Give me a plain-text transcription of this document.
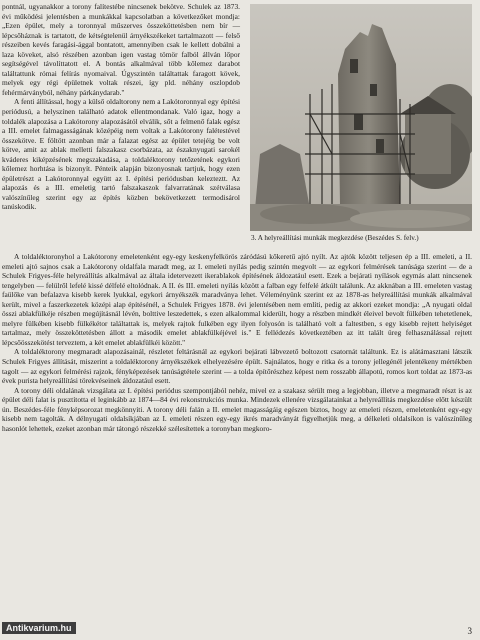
pontnál, ugyanakkor a torony falítestébe nincsenek bekötve. Schulek az 1873. évi működési jelentésben a munkákkal kapcsolatban a következőket mondja: „Ezen épület, mely a toronnyal műszerves összeköttetésben nem bír — lépcsőháznak is tartatott, de kétségtelenül árnyékszékeket tartalmazott — felső részeiben kevés faragási-ággal bontatott, amennyiben csak le kellett dobálni a laza köveket, alsó részében azonban igen vastag tömör falból állván lőpor segítségével távolíttatott el. A bontás alkalmával több kőlemez darabot találtattunk római felírás nyomaival. Úgyszintén találtattak faragott kövek, melyek egy régi épületnek voltak részei, így pld. néhány oszlopdob fehérmárványból, néhány párkánydarab."

A fenti állítással, hogy a külső oldaltorony nem a Lakótoronnyal egy építési periódusú, a helyszínen található adatok ellentmondanak. Való igaz, hogy a toldalék alapozása a Lakótorony alapozásától elválik, sőt a felmenő falak egész a III. emelet falmagasságának középéig nem voltak a Lakótorony falétestével összekötve. E föltött azonban már a falazat egész az épület tetejéig be volt kötve, amit az ablak melletti falszakasz csorbázata, az északnyugati sarokél kváderes kiképzésének megszakadása, a toldaléktorony tetőzetének egykori kőlemez horhtása is bizonyít. Pénteik alapján bizonyosnak tartjuk, hogy ezen épületrészt a Lakótoronnyal együtt az I. építési periódusban kelezteztt. Az alapozás és a III. emeletig tartó falszakaszok falvarratának szétválasa valószínűleg szerint egy az építés közben bekövetkezett termodisárol tanúskodik.

3. A helyreállítási munkák megkezdése (Beszédes S. felv.)

A toldaléktoronyhol a Lakótorony emeletenként egy-egy keskenyfelkörös záródású kőkeretű ajtó nyílt. Az ajtók között teljesen ép a III. emeleti, a II. emeleti ajtó sajnos csak a Lakótorony oldalfala maradt meg, az I. emeleti nyílás pedig szintén megvolt — az egykori felmérések tanúsága szerint — de a Schulek Frigyes-féle helyreállítás alkalmával az általa idetervezett ikerablakok építésének áldozatául esett. Ezek a bejárati nyílások egymás alatt nincsenek tengelyben — felülről lefelé kissé délfelé eltolódnak. A II. és III. emeleti nyílás között a falban egy felfelé átkúlt találunk. Az akknában a III. emeleten vastag faülőke van befalazva kisebb kerek lyukkal, egykori árnyékszék maradványa lehet. Véleményünk szerint ez az 1878-as helyreállítási munkák alkalmával került, mivel a faszerkezetek középi alap építésénél, a Schulek Frigyes 1878. évi jelentésében nem említi, pedig az akkori ezeket mondja: „A nyugati oldal összi ablakfülkéje részben megújításnál lévén, bolttive leszedettek, s ezen alkalommal kiderült, hogy a részben mindkét éleivel bevolt fülkében tehetetlenek, melyre fülkében kisebb fülkékétor találtattak is, melyek rajtok fulkében egy ilyen folyosón is található volt a faltestben, s egy kisebb rejtett helyiséget tartalmaz, mely összeköttetésben állott a második emelet ablakfülkéjével is." E fellédezés következtében az itt talált üreg felhasználással rejtett lépcsőösszekötést terveztem, a két emelet ablakfülkéi között."

A toldaléktorony megmaradt alapozásainál, részletet feltárásnál az egykori bejárati lábvezető boltozott csatornát találtunk. Ez is alátámasztani látszik Schulek Frigyes állítását, miszerint a toldaléktorony árnyékszékek elhelyezésére épült. Sajnálatos, hogy e ritka és a torony jellegénél jelentékeny mértékben tagolt — az egykori felmérési rajzok, fényképezések tanúságtétele szerint — a tolda építőrészhez képest nem rosszabb állapotú, romos kort toldat az 1873-as évek purista helyreállítási törekvéseinek áldozatául esett.

A torony déli oldalának vizsgálata az I. építési periódus szempontjából nehéz, mivel ez a szakasz sérült meg a legjobban, illetve a megmaradt részt is az épület déli falat is pusztította el leginkább az 1874—84 évi rekonstrukciós munka. Mindezek ellenére vizsgálatainkat a helyreállítás megkezdése előtt készült ún. Beszédes-féle fényképsorozat megkönnyíti. A torony déli falán a II. emelet magasságáig egészen biztos, hogy az emeleti részen, emeletenként egy-egy kisebb nem tagolták. A délnyugati oldalsíkjában az I. emeleti részen egy-egy ikrés maradványát figyelhetjük meg, a délkeleti oldalsíkon is valószínűleg hasonlót lehettek, ezeket azonban már tátongó részekké szélesítettek a toronyban megkoro-

Antikvarium.hu	3
